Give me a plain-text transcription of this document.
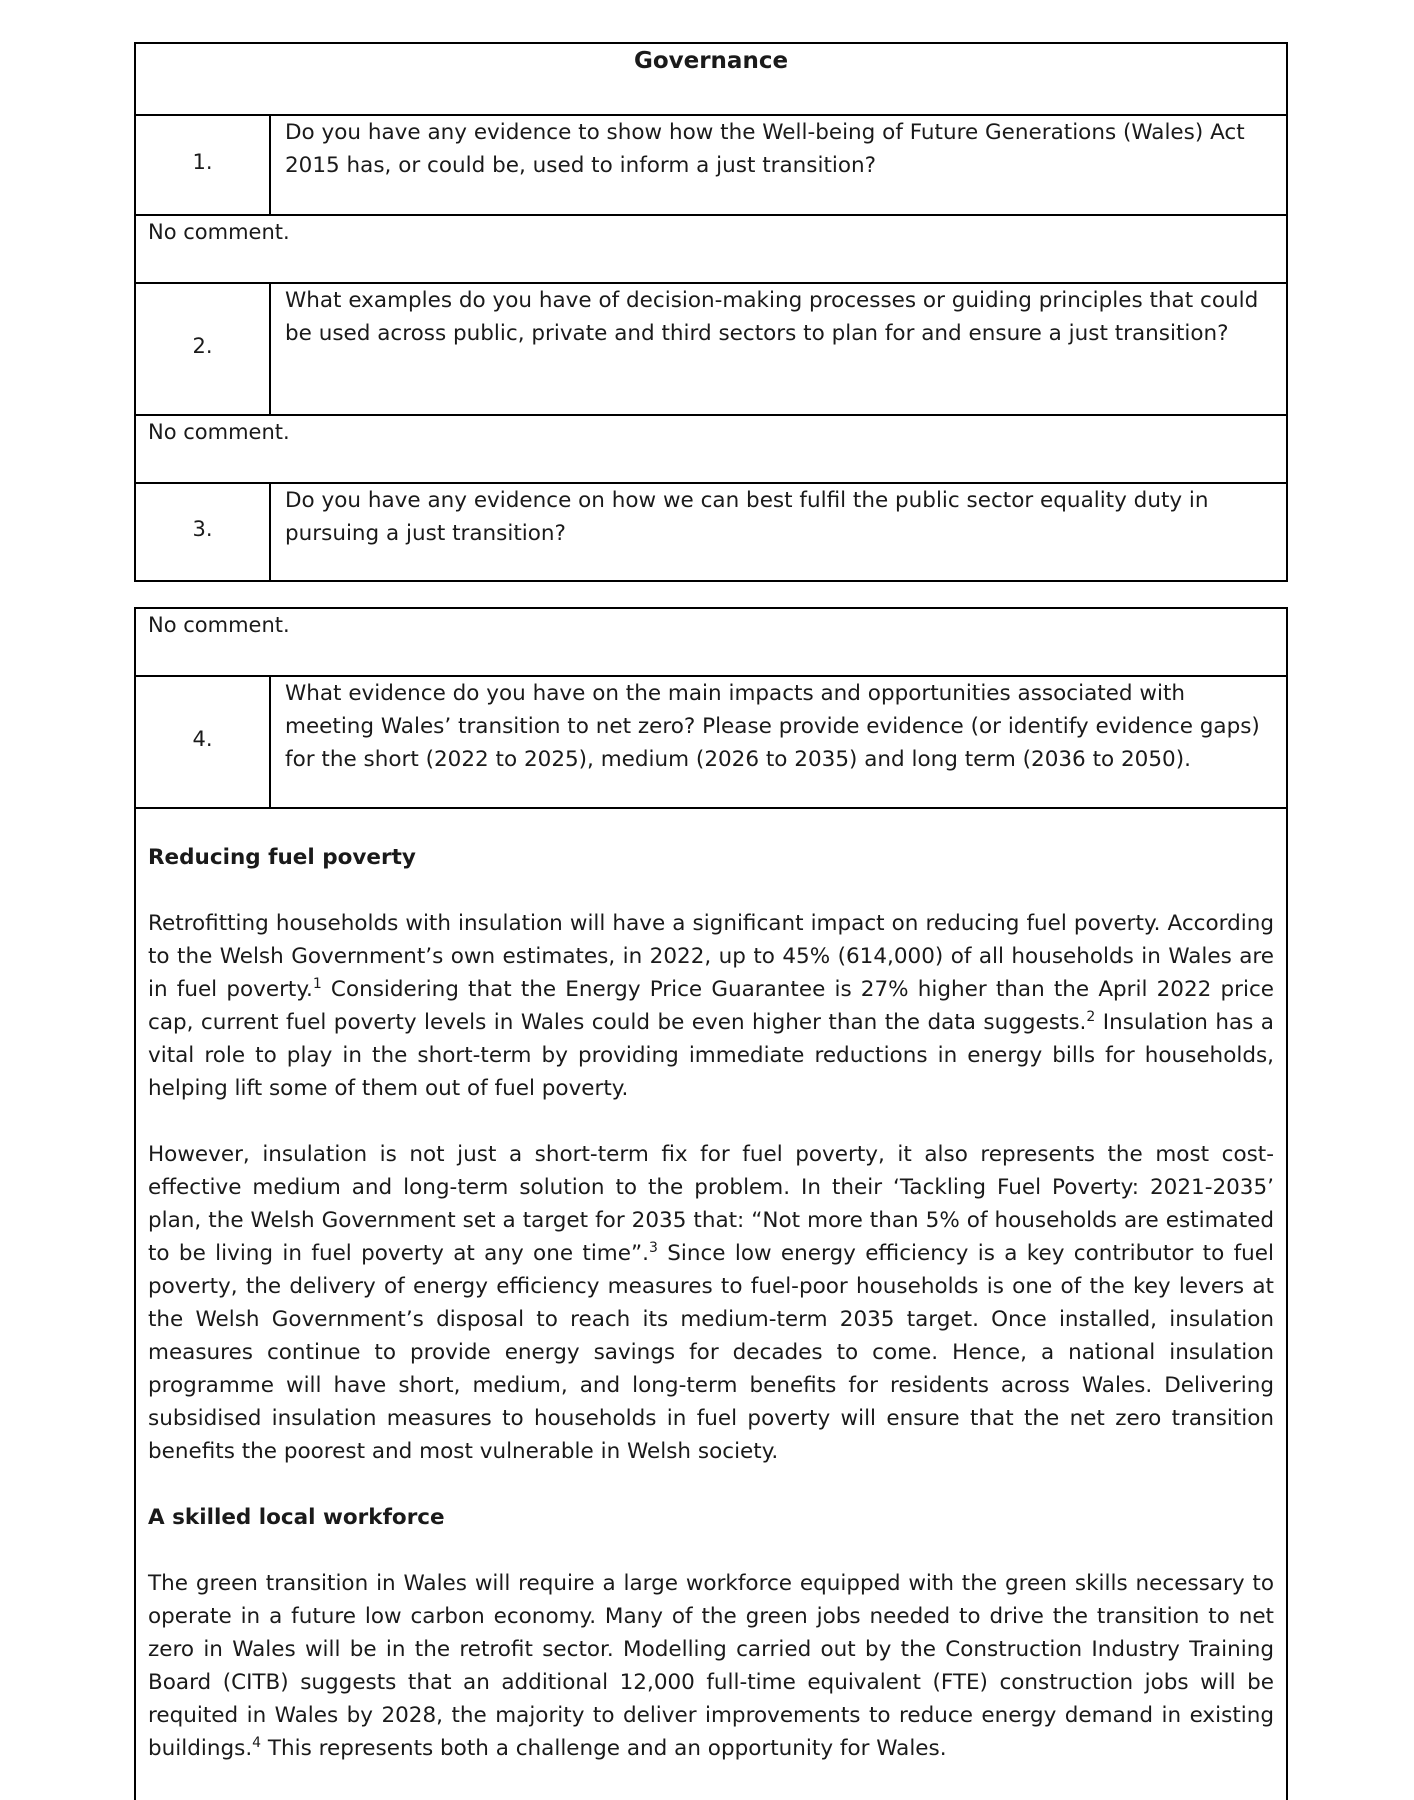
Governance
1.
Do you have any evidence to show how the Well-being of Future Generations (Wales) Act 2015 has, or could be, used to inform a just transition?
No comment.
2.
What examples do you have of decision-making processes or guiding principles that could be used across public, private and third sectors to plan for and ensure a just transition?
No comment.
3.
Do you have any evidence on how we can best fulfil the public sector equality duty in pursuing a just transition?
No comment.
4.
What evidence do you have on the main impacts and opportunities associated with meeting Wales’ transition to net zero? Please provide evidence (or identify evidence gaps) for the short (2022 to 2025), medium (2026 to 2035) and long term (2036 to 2050).
Reducing fuel poverty

Retrofitting households with insulation will have a significant impact on reducing fuel poverty. According to the Welsh Government’s own estimates, in 2022, up to 45% (614,000) of all households in Wales are in fuel poverty.$^1$ Considering that the Energy Price Guarantee is 27% higher than the April 2022 price cap, current fuel poverty levels in Wales could be even higher than the data suggests.$^2$ Insulation has a vital role to play in the short-term by providing immediate reductions in energy bills for households, helping lift some of them out of fuel poverty.

However, insulation is not just a short-term fix for fuel poverty, it also represents the most cost-effective medium and long-term solution to the problem. In their ‘Tackling Fuel Poverty: 2021-2035’ plan, the Welsh Government set a target for 2035 that: “Not more than 5% of households are estimated to be living in fuel poverty at any one time”.$^3$ Since low energy efficiency is a key contributor to fuel poverty, the delivery of energy efficiency measures to fuel-poor households is one of the key levers at the Welsh Government’s disposal to reach its medium-term 2035 target. Once installed, insulation measures continue to provide energy savings for decades to come. Hence, a national insulation programme will have short, medium, and long-term benefits for residents across Wales. Delivering subsidised insulation measures to households in fuel poverty will ensure that the net zero transition benefits the poorest and most vulnerable in Welsh society.

A skilled local workforce

The green transition in Wales will require a large workforce equipped with the green skills necessary to operate in a future low carbon economy. Many of the green jobs needed to drive the transition to net zero in Wales will be in the retrofit sector. Modelling carried out by the Construction Industry Training Board (CITB) suggests that an additional 12,000 full-time equivalent (FTE) construction jobs will be requited in Wales by 2028, the majority to deliver improvements to reduce energy demand in existing buildings.$^4$ This represents both a challenge and an opportunity for Wales.
